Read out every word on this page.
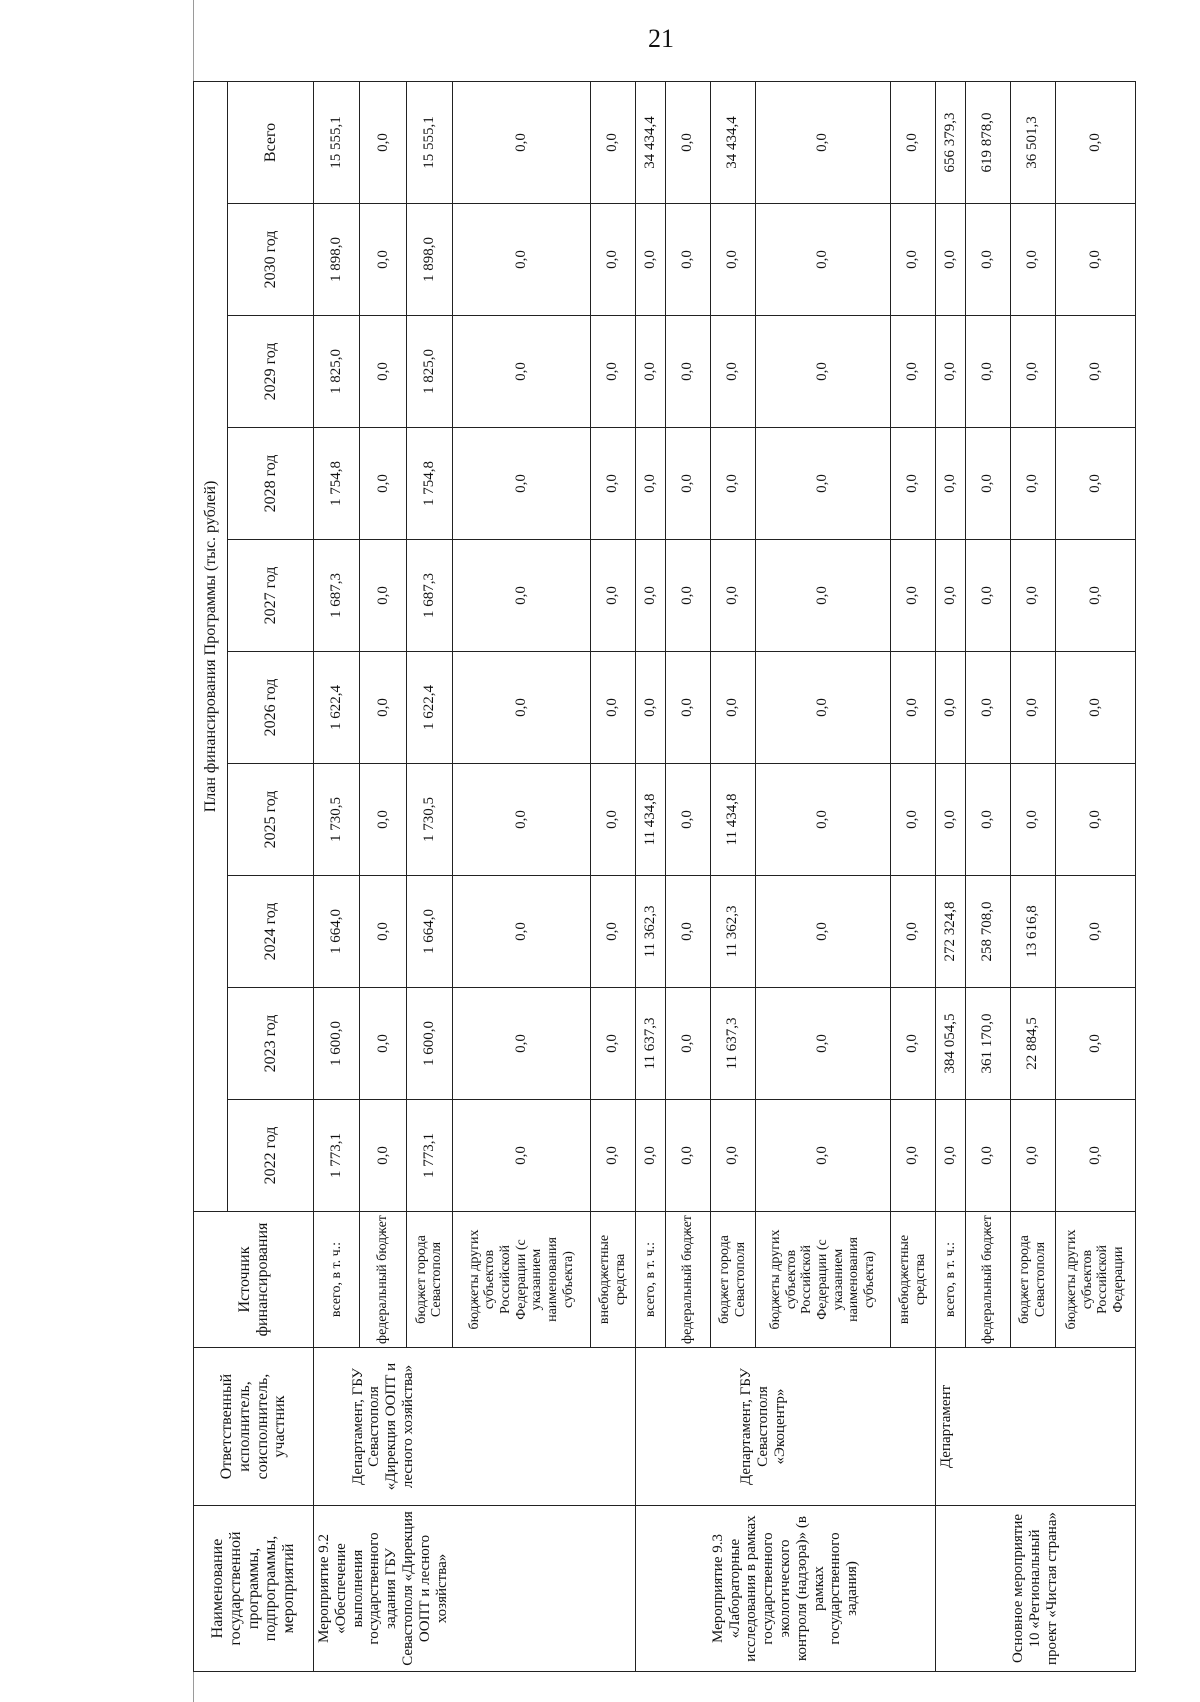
21
Наименование государственной программы, подпрограммы, мероприятий	Ответственный исполнитель, соисполнитель, участник	Источник финансирования	План финансирования Программы (тыс. рублей)									
			2022 год	2023 год	2024 год	2025 год	2026 год	2027 год	2028 год	2029 год	2030 год	Всего
Мероприятие 9.2 «Обеспечение выполнения государственного задания ГБУ Севастополя «Дирекция ООПТ и лесного хозяйства»	Департамент, ГБУ Севастополя «Дирекция ООПТ и лесного хозяйства»	всего, в т. ч.:	1 773,1	1 600,0	1 664,0	1 730,5	1 622,4	1 687,3	1 754,8	1 825,0	1 898,0	15 555,1
		федеральный бюджет	0,0	0,0	0,0	0,0	0,0	0,0	0,0	0,0	0,0	0,0
		бюджет города Севастополя	1 773,1	1 600,0	1 664,0	1 730,5	1 622,4	1 687,3	1 754,8	1 825,0	1 898,0	15 555,1
		бюджеты других субъектов Российской Федерации (с указанием наименования субъекта)	0,0	0,0	0,0	0,0	0,0	0,0	0,0	0,0	0,0	0,0
		внебюджетные средства	0,0	0,0	0,0	0,0	0,0	0,0	0,0	0,0	0,0	0,0
Мероприятие 9.3 «Лабораторные исследования в рамках государственного экологического контроля (надзора)» (в рамках государственного задания)	Департамент, ГБУ Севастополя «Экоцентр»	всего, в т. ч.:	0,0	11 637,3	11 362,3	11 434,8	0,0	0,0	0,0	0,0	0,0	34 434,4
		федеральный бюджет	0,0	0,0	0,0	0,0	0,0	0,0	0,0	0,0	0,0	0,0
		бюджет города Севастополя	0,0	11 637,3	11 362,3	11 434,8	0,0	0,0	0,0	0,0	0,0	34 434,4
		бюджеты других субъектов Российской Федерации (с указанием наименования субъекта)	0,0	0,0	0,0	0,0	0,0	0,0	0,0	0,0	0,0	0,0
		внебюджетные средства	0,0	0,0	0,0	0,0	0,0	0,0	0,0	0,0	0,0	0,0
Основное мероприятие 10 «Региональный проект «Чистая страна»	Департамент	всего, в т. ч.:	0,0	384 054,5	272 324,8	0,0	0,0	0,0	0,0	0,0	0,0	656 379,3
		федеральный бюджет	0,0	361 170,0	258 708,0	0,0	0,0	0,0	0,0	0,0	0,0	619 878,0
		бюджет города Севастополя	0,0	22 884,5	13 616,8	0,0	0,0	0,0	0,0	0,0	0,0	36 501,3
		бюджеты других субъектов Российской Федерации	0,0	0,0	0,0	0,0	0,0	0,0	0,0	0,0	0,0	0,0
